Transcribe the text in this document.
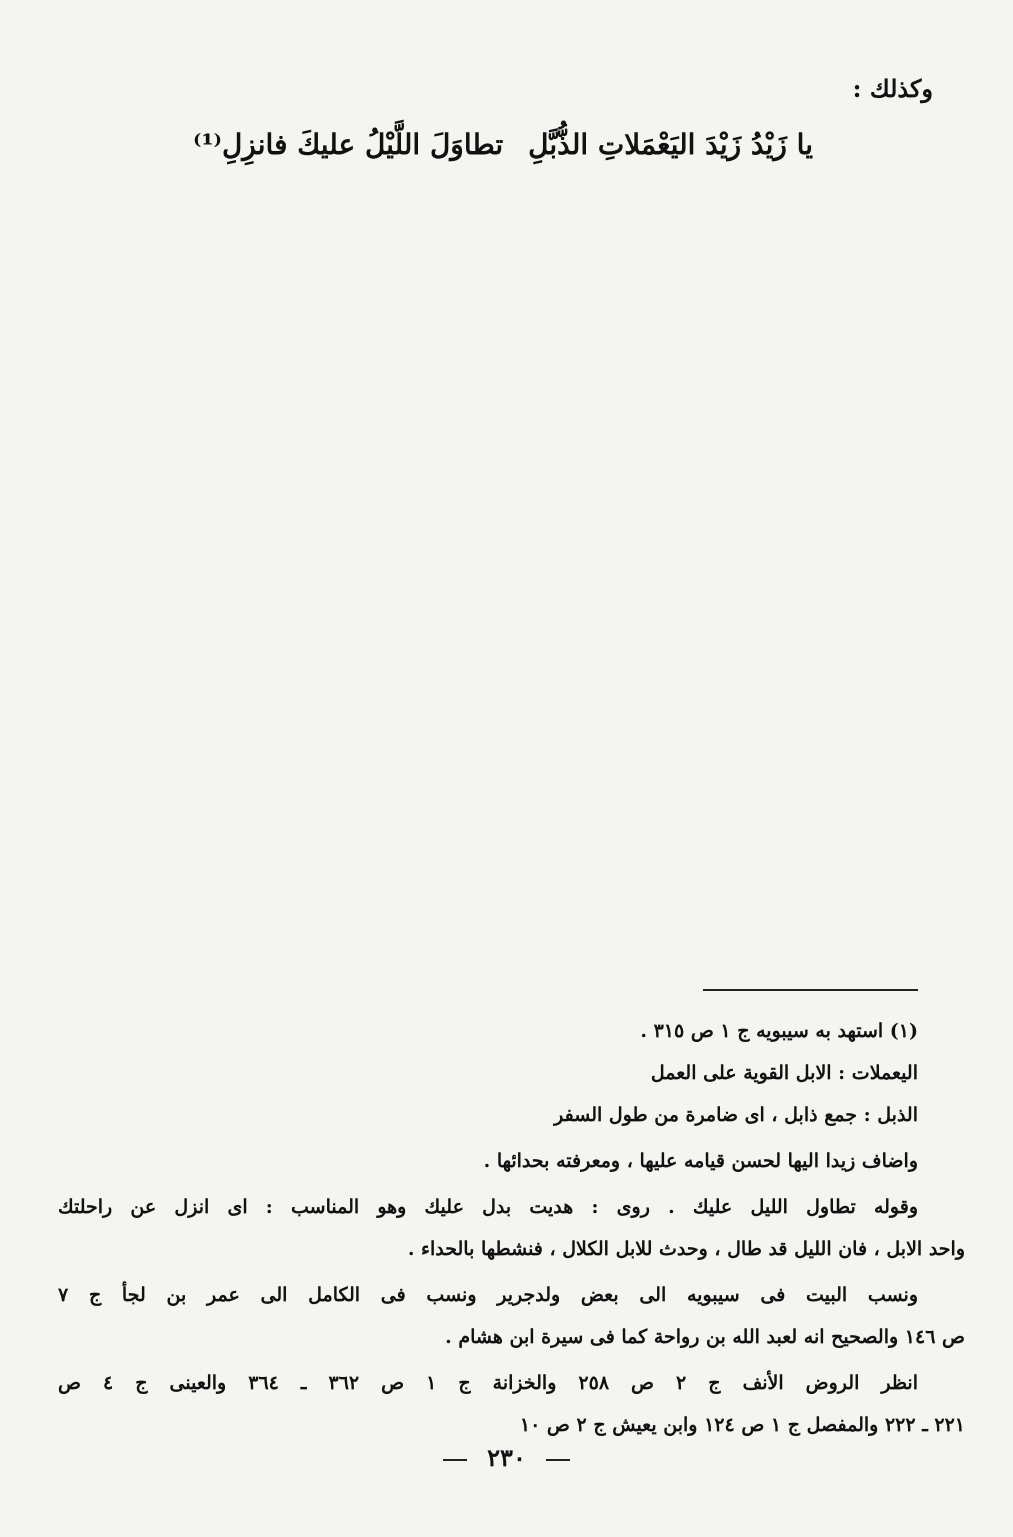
وكذلك :
يا زَيْدُ زَيْدَ اليَعْمَلاتِ الذُّبَّلِ
تطاوَلَ اللَّيْلُ عليكَ فانزِلِ⁽¹⁾
(١) استهد به سيبويه ج ١ ص ٣١٥ .
اليعملات : الابل القوية على العمل
الذبل : جمع ذابل ، اى ضامرة من طول السفر
واضاف زيدا اليها لحسن قيامه عليها ، ومعرفته بحدائها .
وقوله تطاول الليل عليك . روى : هديت بدل عليك وهو المناسب : اى انزل عن راحلتك
واحد الابل ، فان الليل قد طال ، وحدث للابل الكلال ، فنشطها بالحداء .
ونسب البيت فى سيبويه الى بعض ولدجرير ونسب فى الكامل الى عمر بن لجأ ج ٧
ص ١٤٦ والصحيح انه لعبد الله بن رواحة كما فى سيرة ابن هشام .
انظر الروض الأنف ج ٢ ص ٢٥٨ والخزانة ج ١ ص ٣٦٢ ـ ٣٦٤ والعينى ج ٤ ص
٢٢١ ـ ٢٢٢ والمفصل ج ١ ص ١٢٤ وابن يعيش ج ٢ ص ١٠
٢٣٠
